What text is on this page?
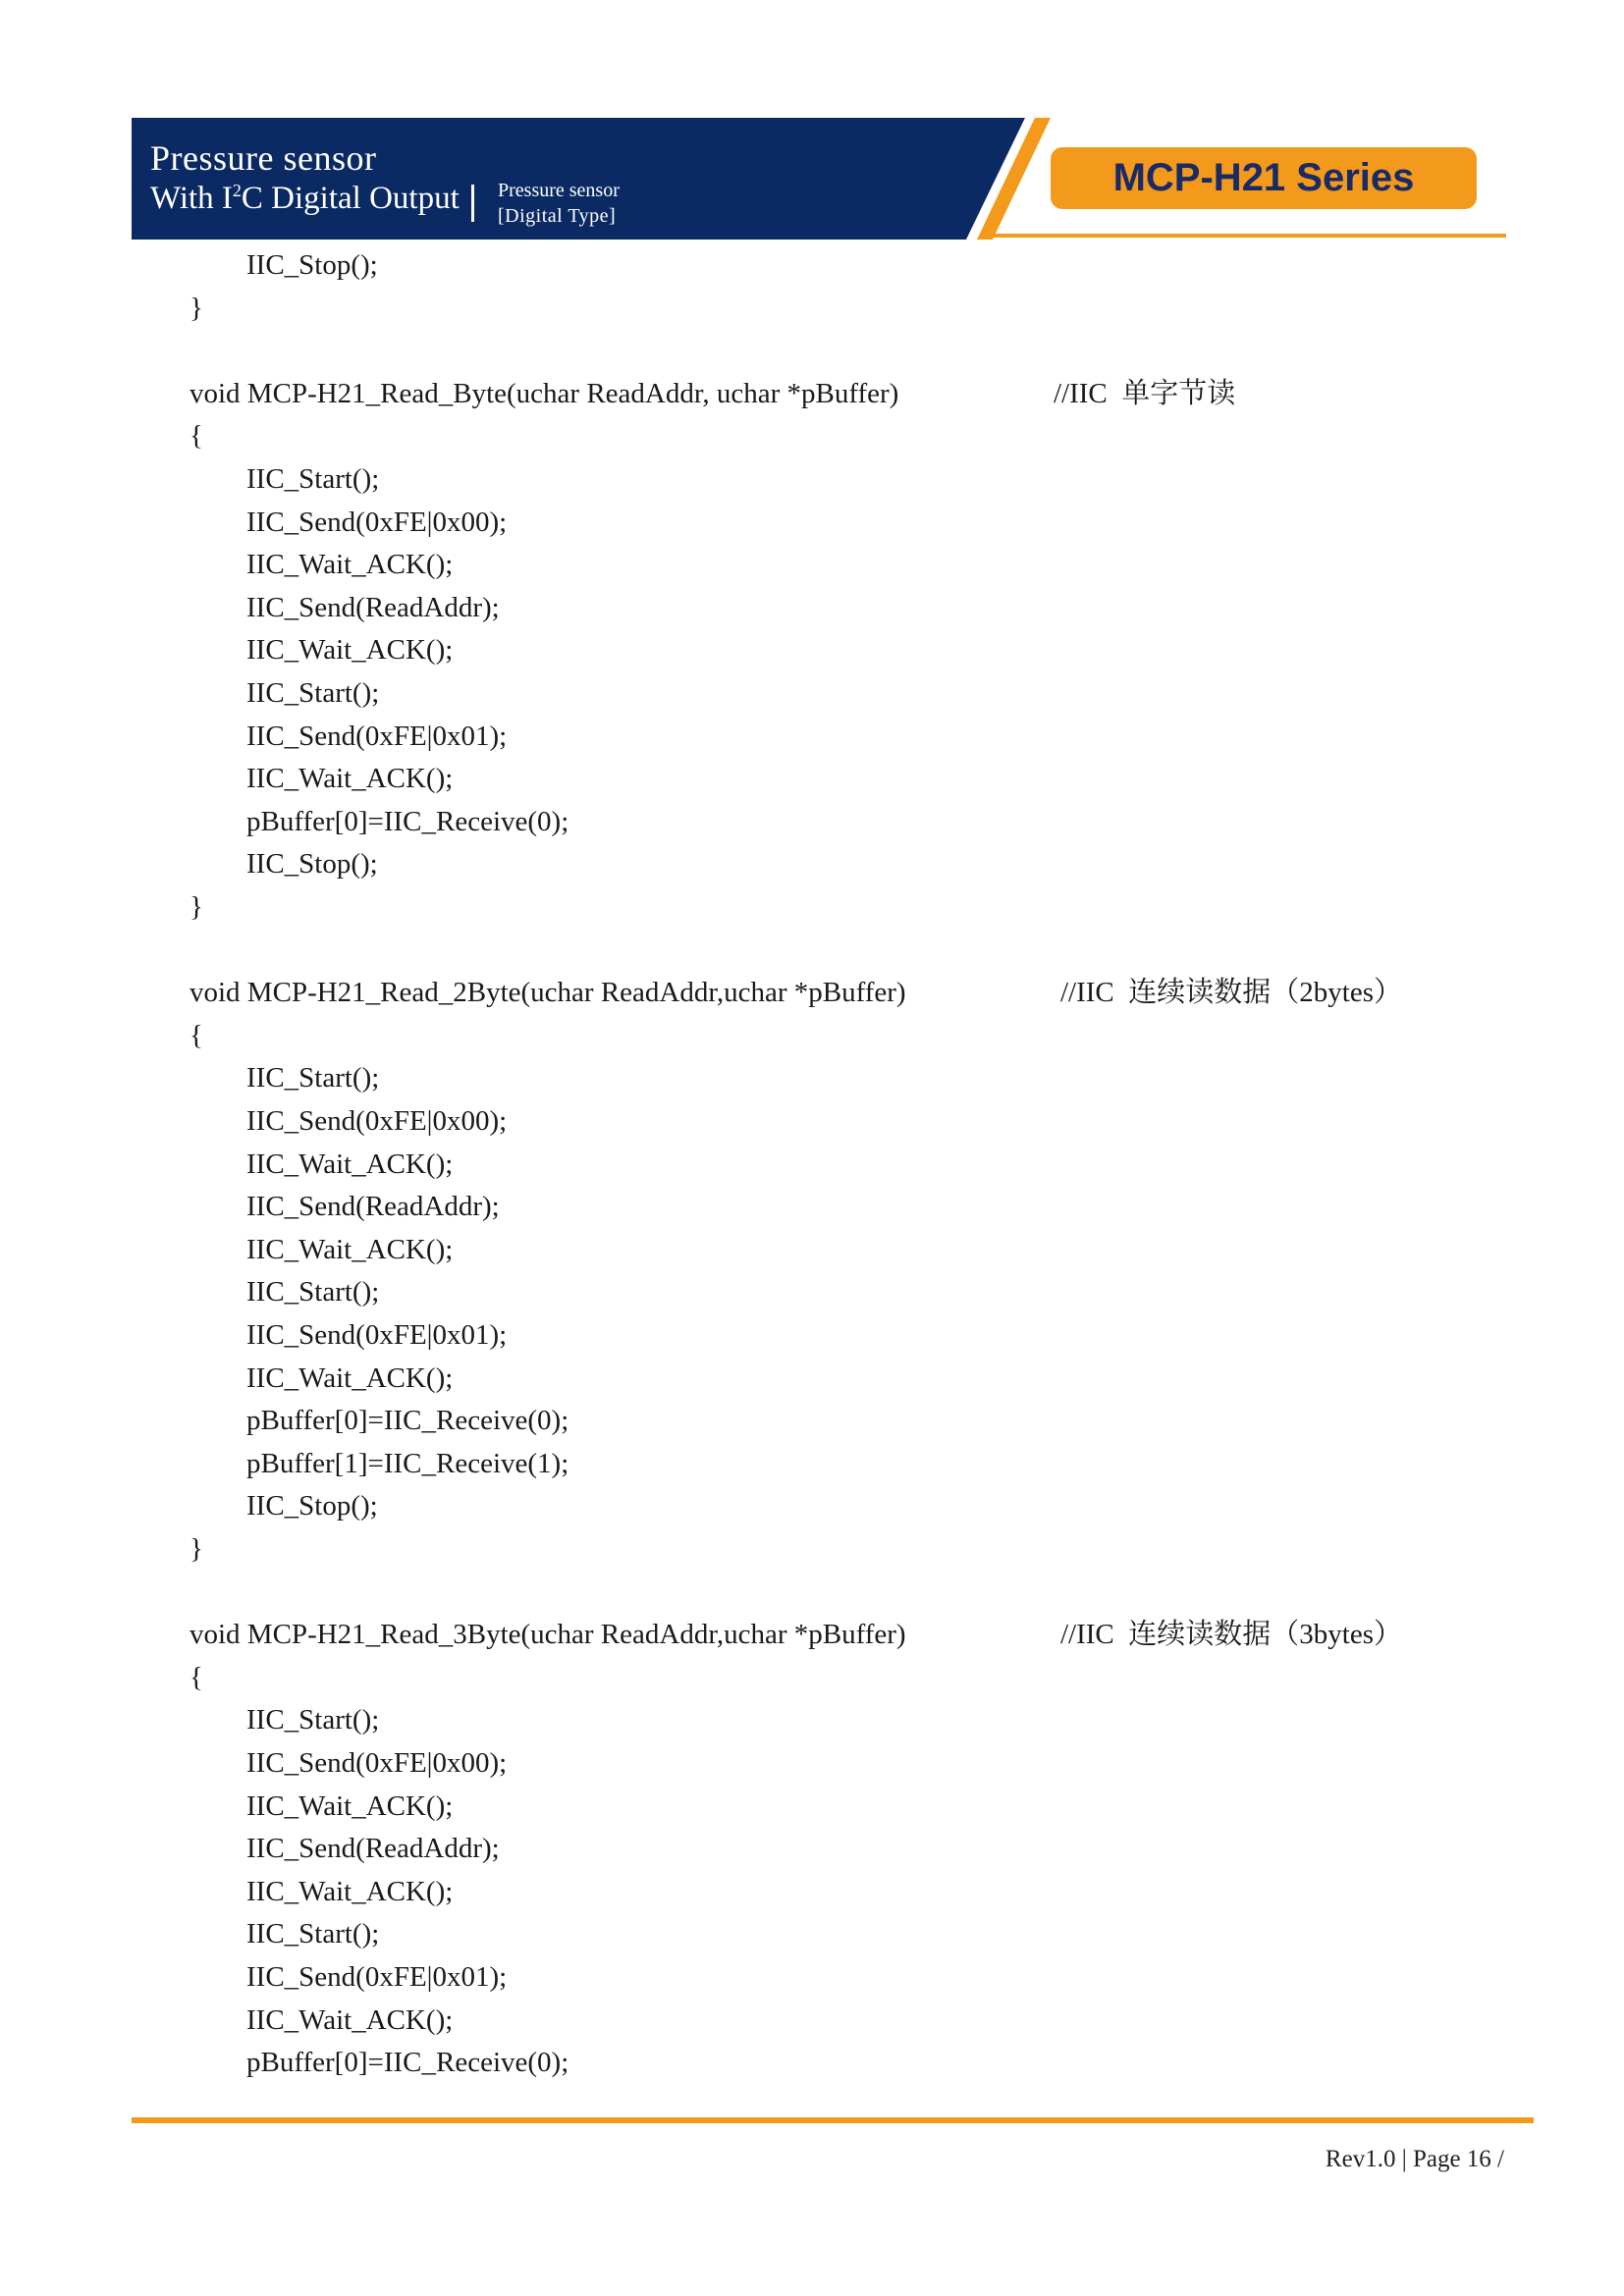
Pressure sensor
With $I^2C$ Digital Output Pressure sensor
[Digital Type]
MCP-H21 Series
IIC_Stop();
}
void MCP-H21_Read_Byte(uchar ReadAddr, uchar *pBuffer)	//IIC  单字节读
{
IIC_Start();
IIC_Send(0xFE|0x00);
IIC_Wait_ACK();
IIC_Send(ReadAddr);
IIC_Wait_ACK();
IIC_Start();
IIC_Send(0xFE|0x01);
IIC_Wait_ACK();
pBuffer[0]=IIC_Receive(0);
IIC_Stop();
}
void MCP-H21_Read_2Byte(uchar ReadAddr,uchar *pBuffer)	//IIC  连续读数据（2bytes）
{
IIC_Start();
IIC_Send(0xFE|0x00);
IIC_Wait_ACK();
IIC_Send(ReadAddr);
IIC_Wait_ACK();
IIC_Start();
IIC_Send(0xFE|0x01);
IIC_Wait_ACK();
pBuffer[0]=IIC_Receive(0);
pBuffer[1]=IIC_Receive(1);
IIC_Stop();
}
void MCP-H21_Read_3Byte(uchar ReadAddr,uchar *pBuffer)	//IIC  连续读数据（3bytes）
{
IIC_Start();
IIC_Send(0xFE|0x00);
IIC_Wait_ACK();
IIC_Send(ReadAddr);
IIC_Wait_ACK();
IIC_Start();
IIC_Send(0xFE|0x01);
IIC_Wait_ACK();
pBuffer[0]=IIC_Receive(0);
Rev1.0 | Page 16 /
